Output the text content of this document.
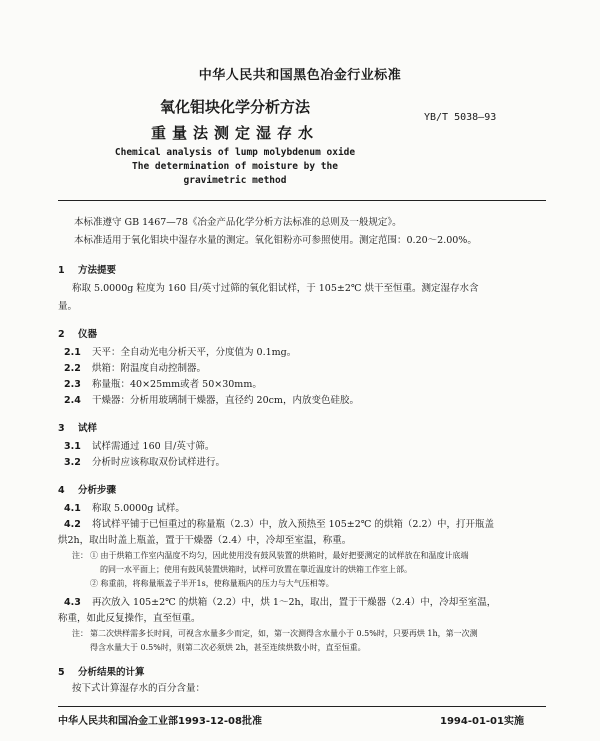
中华人民共和国黑色冶金行业标准
氧化钼块化学分析方法
重量法测定湿存水
YB/T 5038—93
Chemical analysis of lump molybdenum oxide
The determination of moisture by the
gravimetric method
本标准遵守 GB 1467—78《冶金产品化学分析方法标准的总则及一般规定》。
本标准适用于氧化钼块中湿存水量的测定。氧化钼粉亦可参照使用。测定范围：0.20～2.00%。
1 方法提要
称取 5.0000g 粒度为 160 目/英寸过筛的氧化钼试样，于 105±2℃ 烘干至恒重。测定湿存水含
量。
2 仪器
2.1 天平：全自动光电分析天平，分度值为 0.1mg。
2.2 烘箱：附温度自动控制器。
2.3 称量瓶：40×25mm或者 50×30mm。
2.4 干燥器：分析用玻璃制干燥器，直径约 20cm，内放变色硅胶。
3 试样
3.1 试样需通过 160 目/英寸筛。
3.2 分析时应该称取双份试样进行。
4 分析步骤
4.1 称取 5.0000g 试样。
4.2 将试样平铺于已恒重过的称量瓶（2.3）中，放入预热至 105±2℃ 的烘箱（2.2）中，打开瓶盖
烘2h，取出时盖上瓶盖，置于干燥器（2.4）中，冷却至室温，称重。
注： ① 由于烘箱工作室内温度不均匀，因此使用没有鼓风装置的烘箱时，最好把要测定的试样放在和温度计底端
的同一水平面上；使用有鼓风装置烘箱时，试样可放置在靠近温度计的烘箱工作室上部。
② 称重前，将称量瓶盖子半开1s，使称量瓶内的压力与大气压相等。
4.3 再次放入 105±2℃ 的烘箱（2.2）中，烘 1～2h，取出，置于干燥器（2.4）中，冷却至室温，
称重，如此反复操作，直至恒重。
注： 第二次烘样需多长时间，可视含水量多少而定，如，第一次测得含水量小于 0.5%时，只要再烘 1h，第一次测
得含水量大于 0.5%时，则第二次必须烘 2h，甚至连续烘数小时，直至恒重。
5 分析结果的计算
按下式计算湿存水的百分含量：
中华人民共和国冶金工业部1993-12-08批准	1994-01-01实施
